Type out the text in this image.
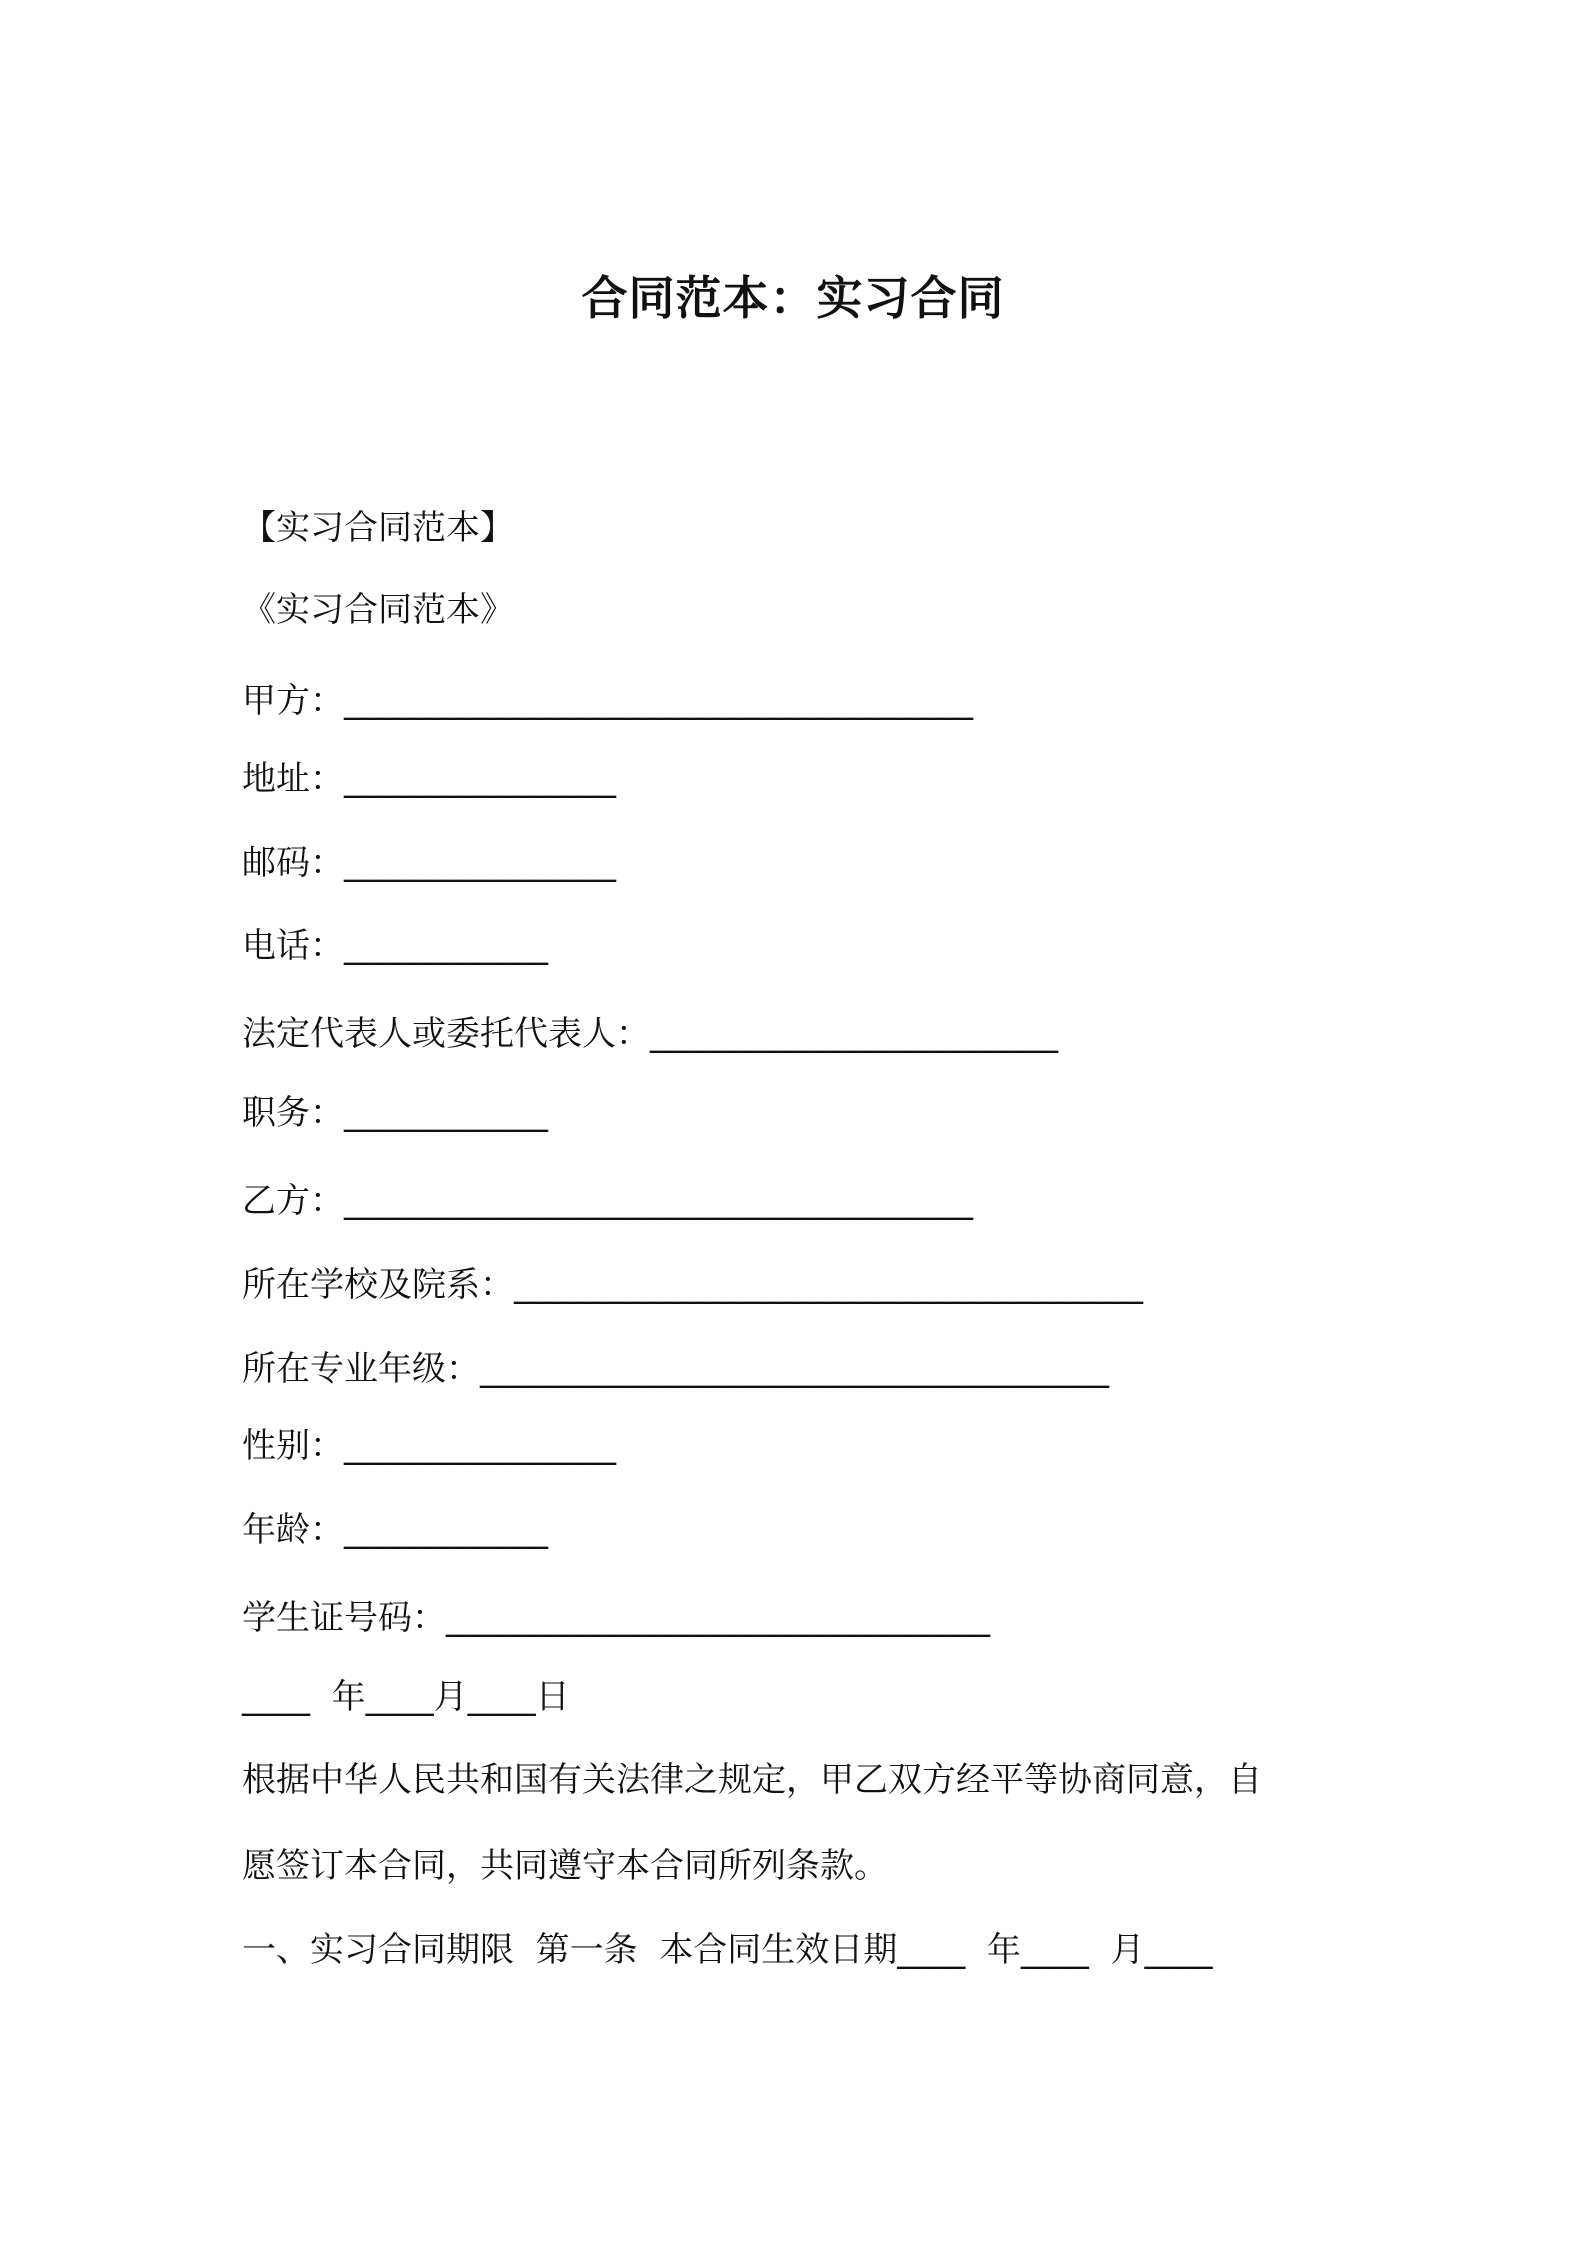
合同范本：实习合同
【实习合同范本】
《实习合同范本》
甲方：_____________________________________
地址：________________
邮码：________________
电话：____________
法定代表人或委托代表人：________________________
职务：____________
乙方：_____________________________________
所在学校及院系：_____________________________________
所在专业年级：_____________________________________
性别：________________
年龄：____________
学生证号码：________________________________
____  年____月____日
根据中华人民共和国有关法律之规定，甲乙双方经平等协商同意，自
愿签订本合同，共同遵守本合同所列条款。
一、实习合同期限  第一条  本合同生效日期____  年____  月____
